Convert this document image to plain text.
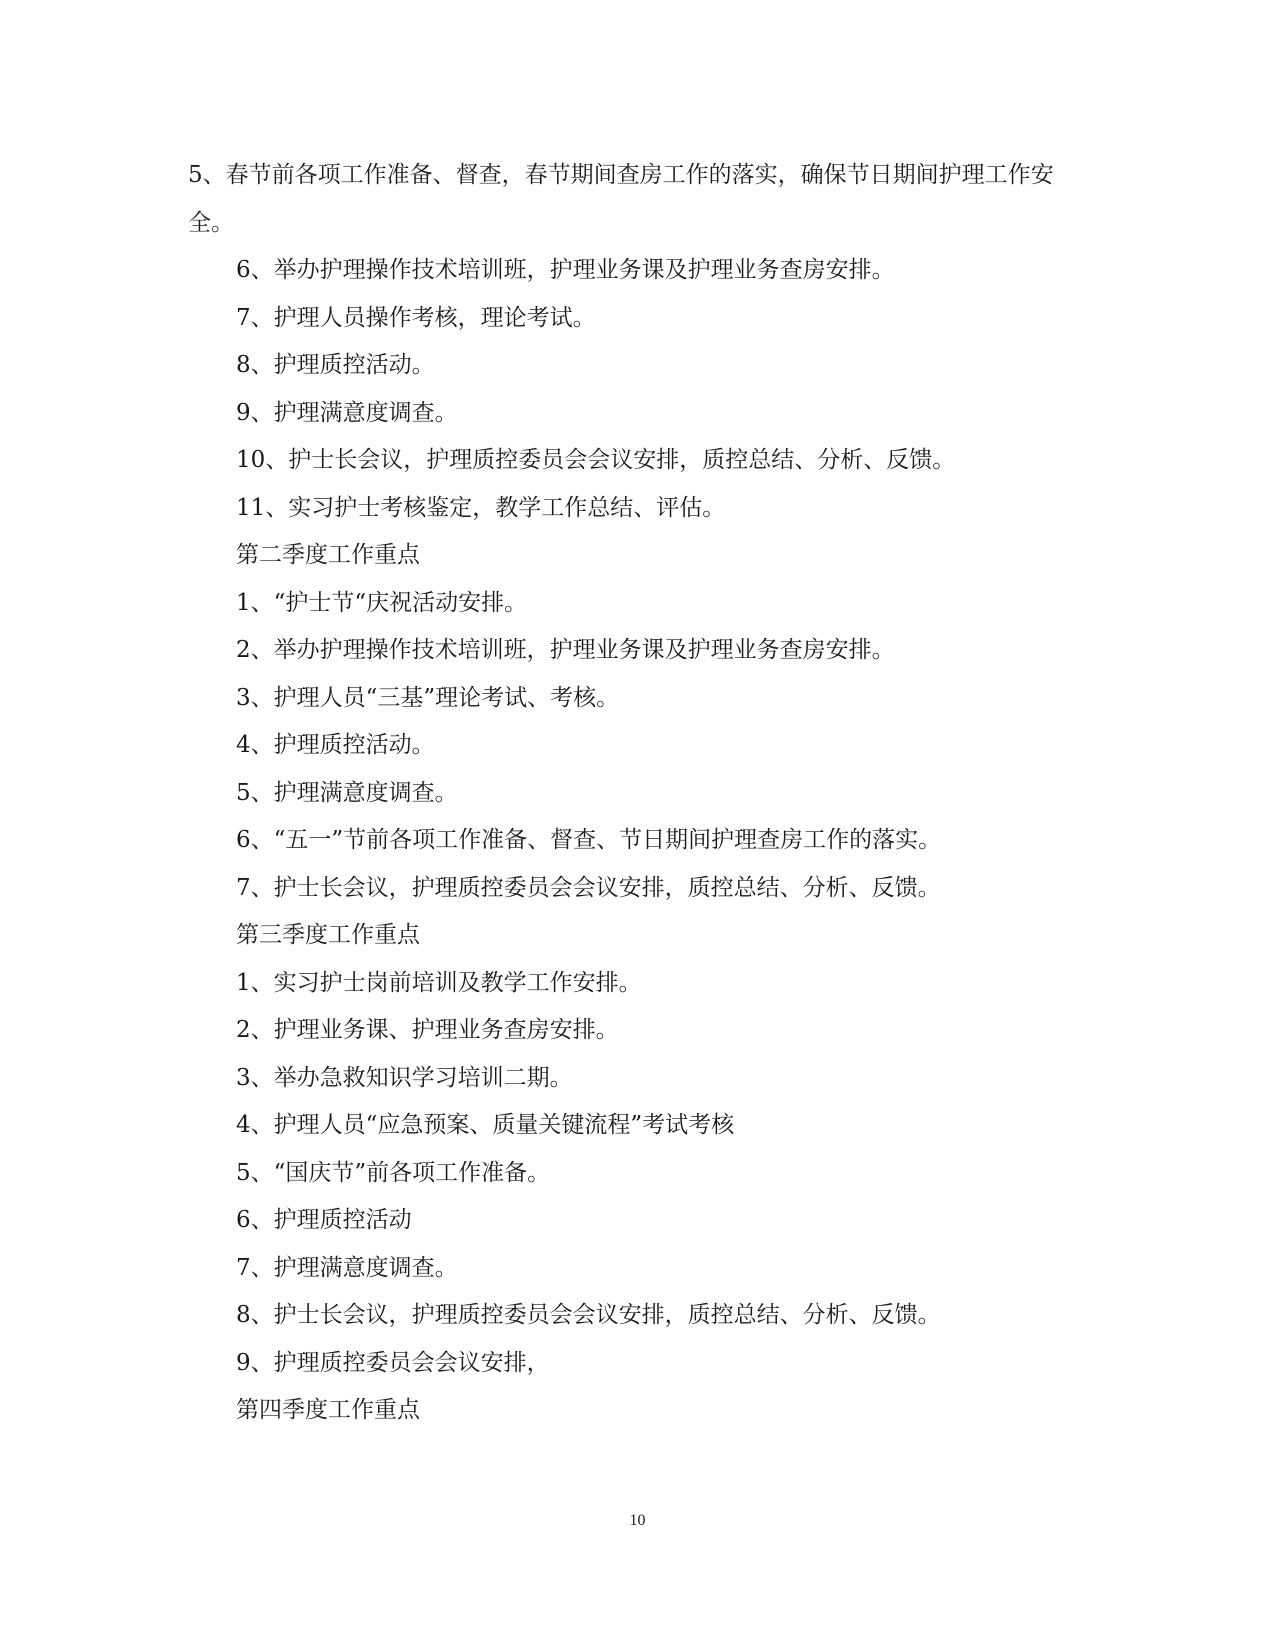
5、春节前各项工作准备、督查，春节期间查房工作的落实，确保节日期间护理工作安全。

6、举办护理操作技术培训班，护理业务课及护理业务查房安排。

7、护理人员操作考核，理论考试。

8、护理质控活动。

9、护理满意度调查。

10、护士长会议，护理质控委员会会议安排，质控总结、分析、反馈。

11、实习护士考核鉴定，教学工作总结、评估。

第二季度工作重点

1、“护士节“庆祝活动安排。

2、举办护理操作技术培训班，护理业务课及护理业务查房安排。

3、护理人员“三基”理论考试、考核。

4、护理质控活动。

5、护理满意度调查。

6、“五一”节前各项工作准备、督查、节日期间护理查房工作的落实。

7、护士长会议，护理质控委员会会议安排，质控总结、分析、反馈。

第三季度工作重点

1、实习护士岗前培训及教学工作安排。

2、护理业务课、护理业务查房安排。

3、举办急救知识学习培训二期。

4、护理人员“应急预案、质量关键流程”考试考核

5、“国庆节”前各项工作准备。

6、护理质控活动

7、护理满意度调查。

8、护士长会议，护理质控委员会会议安排，质控总结、分析、反馈。

9、护理质控委员会会议安排，

第四季度工作重点

10
